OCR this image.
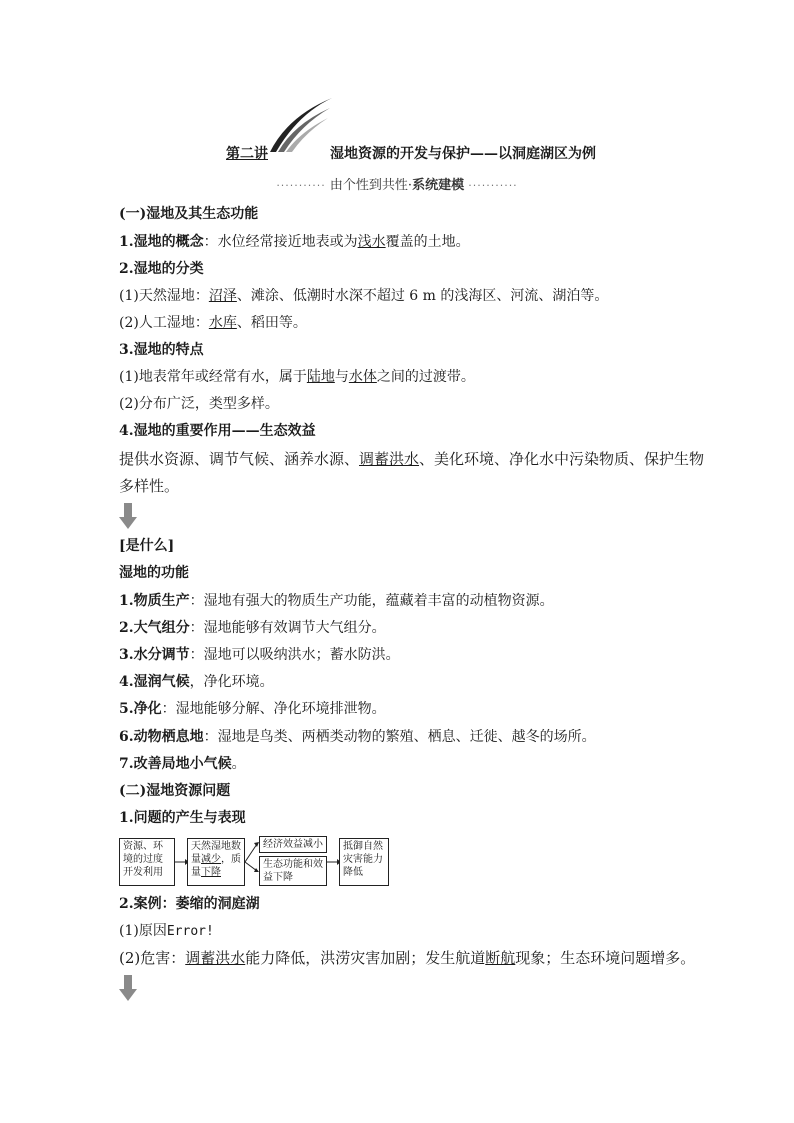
第二讲	湿地资源的开发与保护——以洞庭湖区为例
··········· 由个性到共性·系统建模 ···········
(一)湿地及其生态功能
1.湿地的概念：水位经常接近地表或为浅水覆盖的土地。
2.湿地的分类
(1)天然湿地：沼泽、滩涂、低潮时水深不超过 6 m 的浅海区、河流、湖泊等。
(2)人工湿地：水库、稻田等。
3.湿地的特点
(1)地表常年或经常有水，属于陆地与水体之间的过渡带。
(2)分布广泛，类型多样。
4.湿地的重要作用——生态效益
提供水资源、调节气候、涵养水源、调蓄洪水、美化环境、净化水中污染物质、保护生物
多样性。
[是什么]
湿地的功能
1.物质生产：湿地有强大的物质生产功能，蕴藏着丰富的动植物资源。
2.大气组分：湿地能够有效调节大气组分。
3.水分调节：湿地可以吸纳洪水；蓄水防洪。
4.湿润气候，净化环境。
5.净化：湿地能够分解、净化环境排泄物。
6.动物栖息地：湿地是鸟类、两栖类动物的繁殖、栖息、迁徙、越冬的场所。
7.改善局地小气候。
(二)湿地资源问题
1.问题的产生与表现
资源、环
境的过度
开发利用
天然湿地数
量减少，质
量下降
经济效益减小
生态功能和效
益下降
抵御自然
灾害能力
降低
2.案例：萎缩的洞庭湖
(1)原因Error!
(2)危害：调蓄洪水能力降低，洪涝灾害加剧；发生航道断航现象；生态环境问题增多。
